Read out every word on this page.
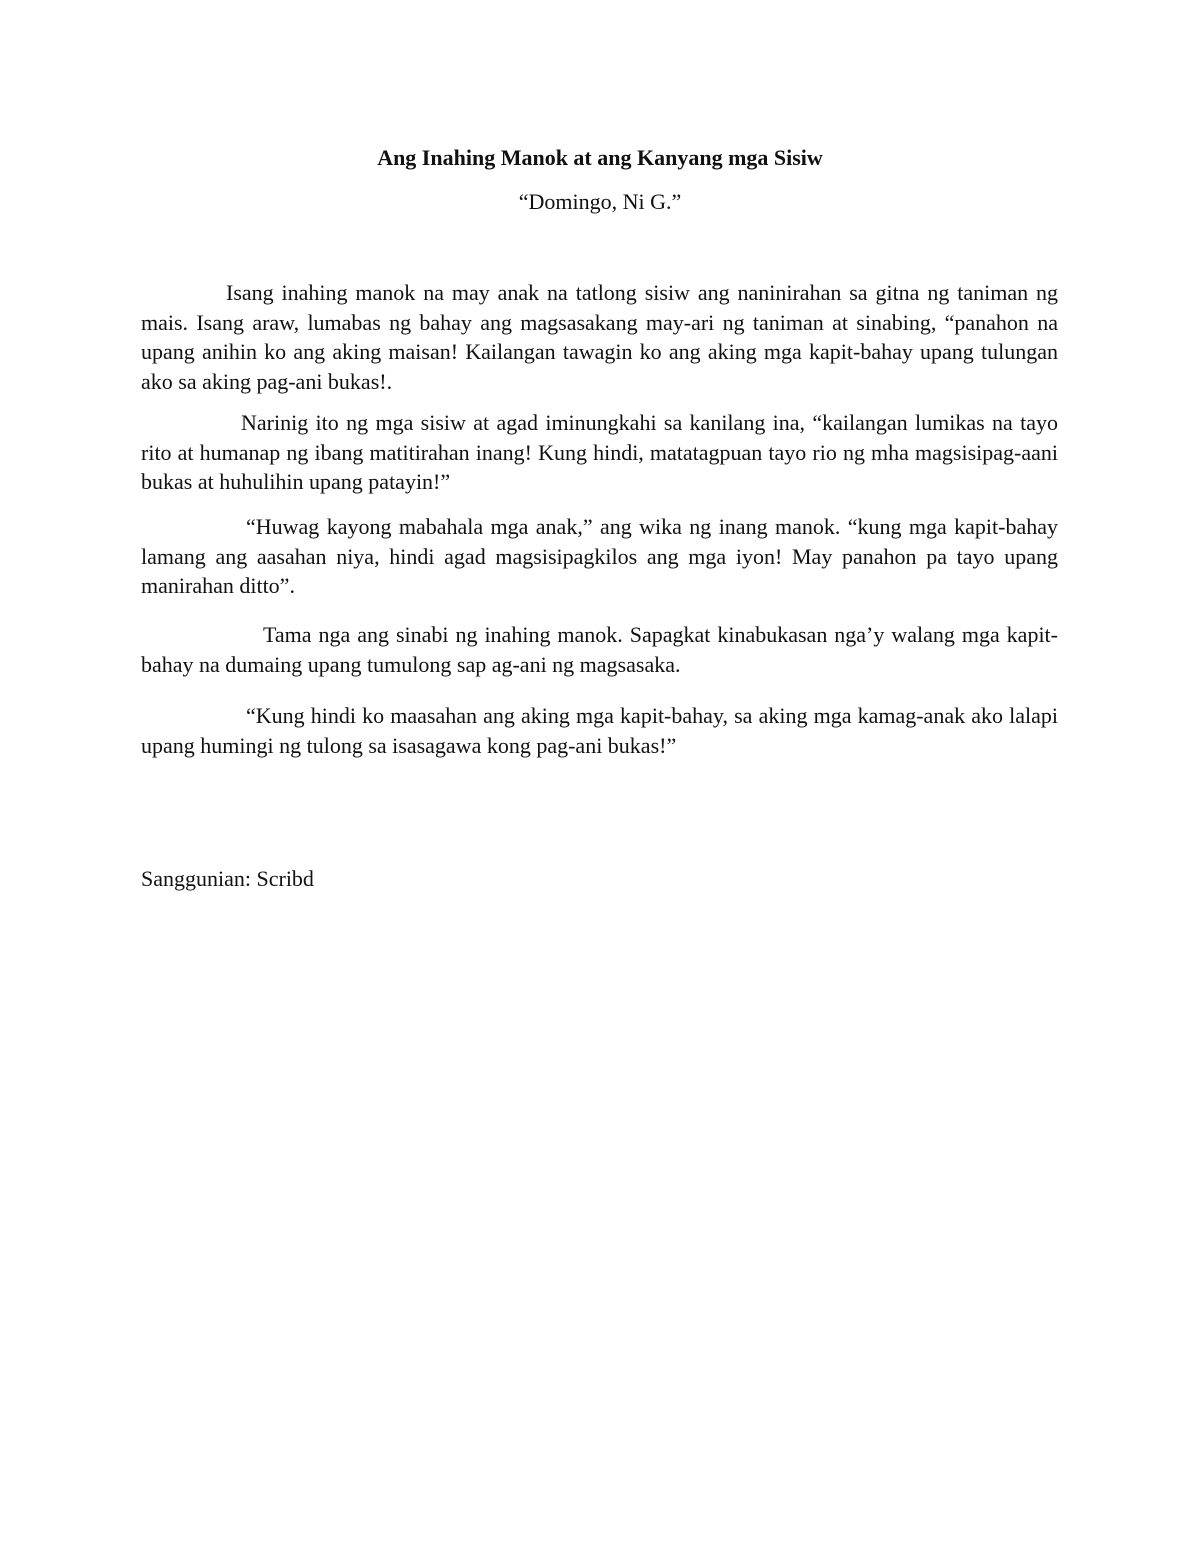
Ang Inahing Manok at ang Kanyang mga Sisiw
“Domingo, Ni G.”

Isang inahing manok na may anak na tatlong sisiw ang naninirahan sa gitna ng taniman ng mais. Isang araw, lumabas ng bahay ang magsasakang may-ari ng taniman at sinabing, “panahon na upang anihin ko ang aking maisan! Kailangan tawagin ko ang aking mga kapit-bahay upang tulungan ako sa aking pag-ani bukas!.

Narinig ito ng mga sisiw at agad iminungkahi sa kanilang ina, “kailangan lumikas na tayo rito at humanap ng ibang matitirahan inang! Kung hindi, matatagpuan tayo rio ng mha magsisipag-aani bukas at huhulihin upang patayin!”

“Huwag kayong mabahala mga anak,” ang wika ng inang manok. “kung mga kapit-bahay lamang ang aasahan niya, hindi agad magsisipagkilos ang mga iyon! May panahon pa tayo upang manirahan ditto”.

Tama nga ang sinabi ng inahing manok. Sapagkat kinabukasan nga’y walang mga kapit-bahay na dumaing upang tumulong sap ag-ani ng magsasaka.

“Kung hindi ko maasahan ang aking mga kapit-bahay, sa aking mga kamag-anak ako lalapi upang humingi ng tulong sa isasagawa kong pag-ani bukas!”

Sanggunian: Scribd
